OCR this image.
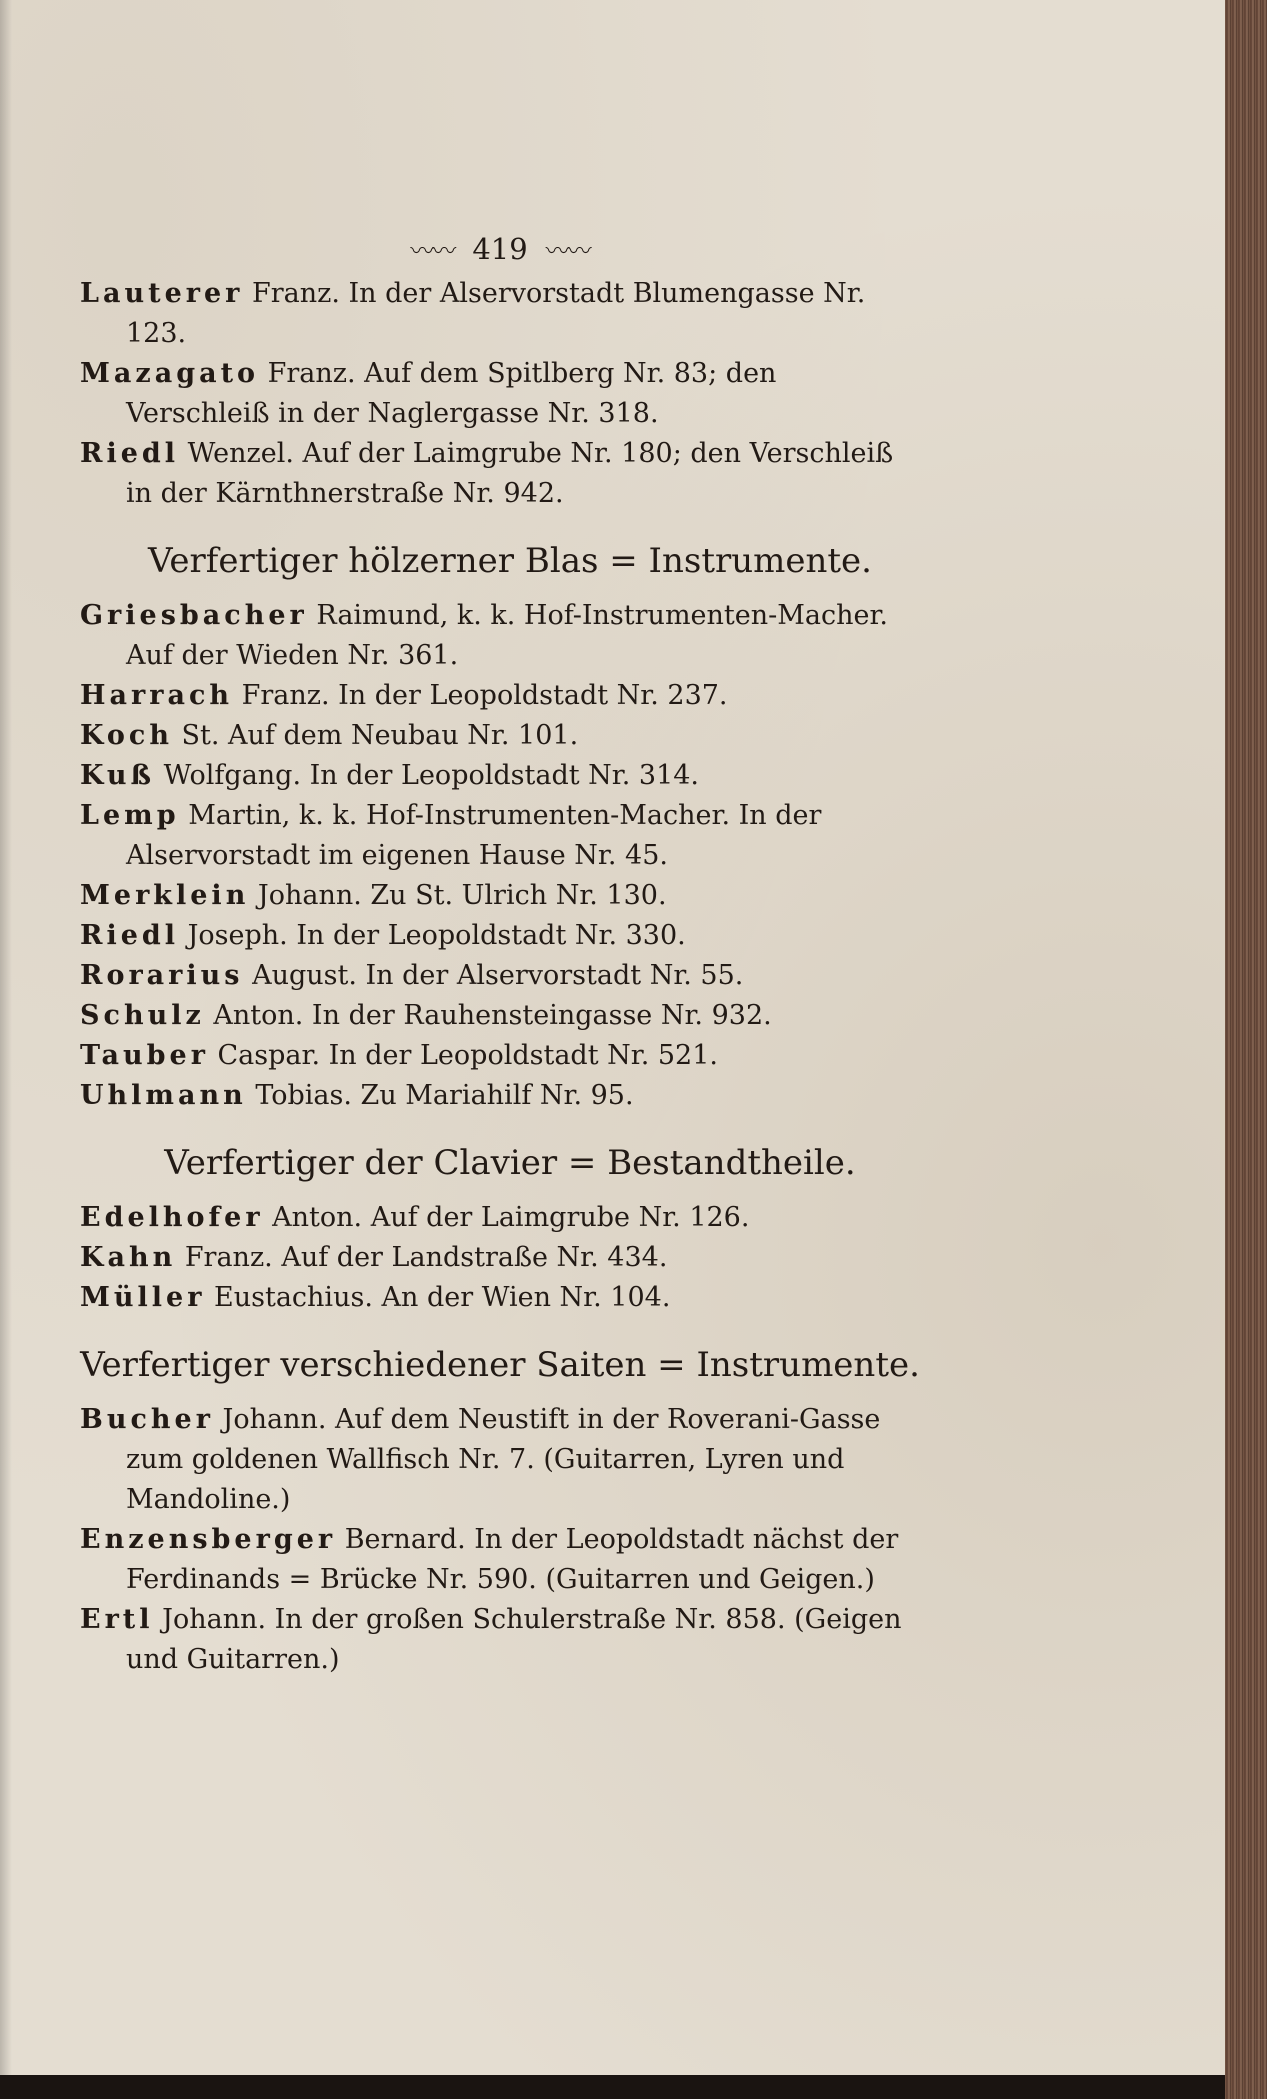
〰〰 419 〰〰

Lauterer Franz. In der Alservorstadt Blumengasse Nr. 123.

Mazagato Franz. Auf dem Spitlberg Nr. 83; den Verschleiß in der Naglergasse Nr. 318.

Riedl Wenzel. Auf der Laimgrube Nr. 180; den Verschleiß in der Kärnthnerstraße Nr. 942.

Verfertiger hölzerner Blas = Instrumente.

Griesbacher Raimund, k. k. Hof-Instrumenten-Macher. Auf der Wieden Nr. 361.

Harrach Franz. In der Leopoldstadt Nr. 237.

Koch St. Auf dem Neubau Nr. 101.

Kuß Wolfgang. In der Leopoldstadt Nr. 314.

Lemp Martin, k. k. Hof-Instrumenten-Macher. In der Alservorstadt im eigenen Hause Nr. 45.

Merklein Johann. Zu St. Ulrich Nr. 130.

Riedl Joseph. In der Leopoldstadt Nr. 330.

Rorarius August. In der Alservorstadt Nr. 55.

Schulz Anton. In der Rauhensteingasse Nr. 932.

Tauber Caspar. In der Leopoldstadt Nr. 521.

Uhlmann Tobias. Zu Mariahilf Nr. 95.

Verfertiger der Clavier = Bestandtheile.

Edelhofer Anton. Auf der Laimgrube Nr. 126.

Kahn Franz. Auf der Landstraße Nr. 434.

Müller Eustachius. An der Wien Nr. 104.

Verfertiger verschiedener Saiten = Instrumente.

Bucher Johann. Auf dem Neustift in der Roverani-Gasse zum goldenen Wallfisch Nr. 7. (Guitarren, Lyren und Mandoline.)

Enzensberger Bernard. In der Leopoldstadt nächst der Ferdinands = Brücke Nr. 590. (Guitarren und Geigen.)

Ertl Johann. In der großen Schulerstraße Nr. 858. (Geigen und Guitarren.)
